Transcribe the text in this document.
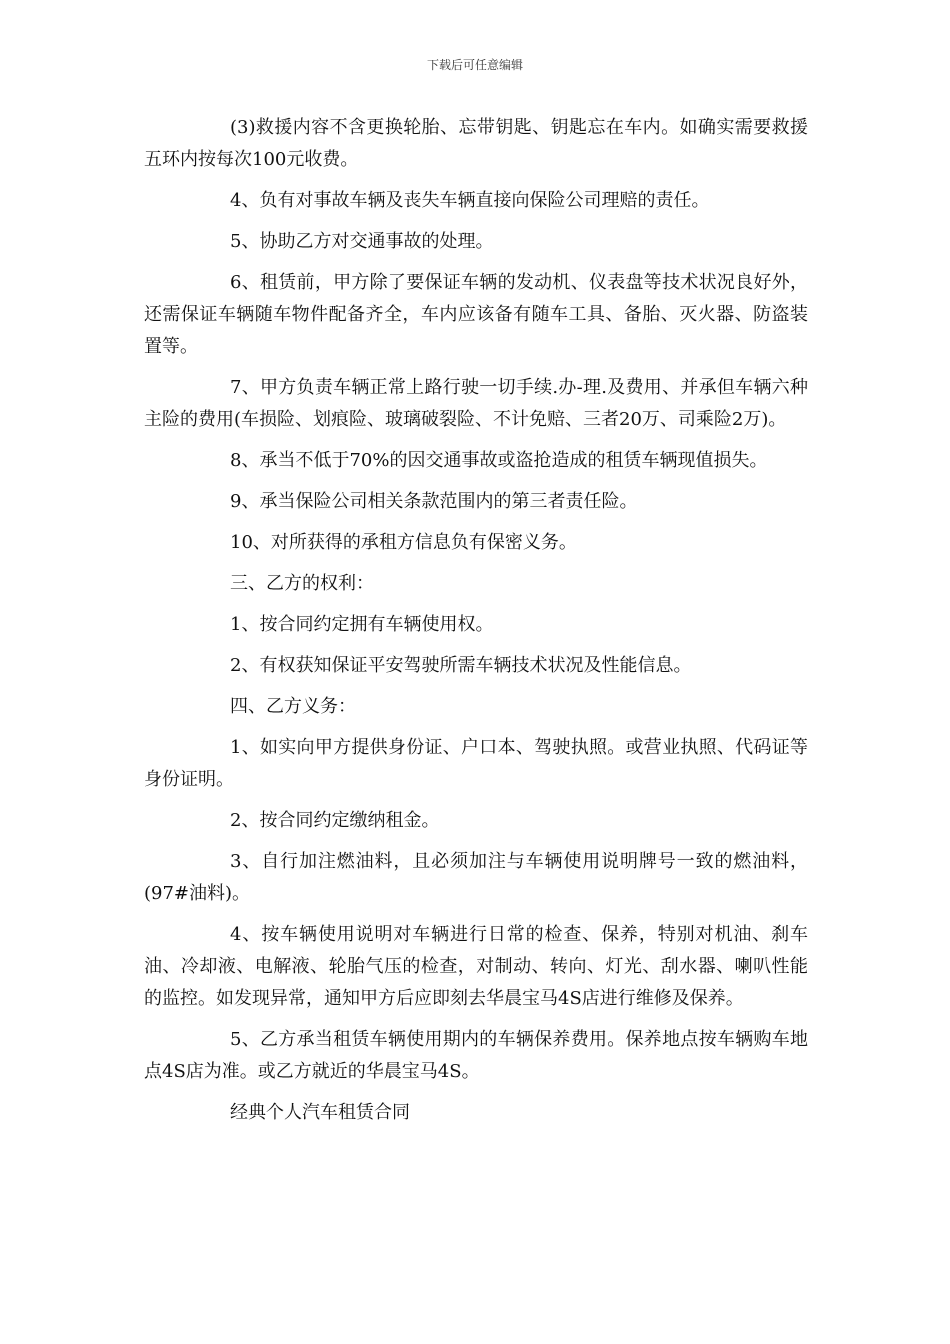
下载后可任意编辑

(3)救援内容不含更换轮胎、忘带钥匙、钥匙忘在车内。如确实需要救援五环内按每次100元收费。

4、负有对事故车辆及丧失车辆直接向保险公司理赔的责任。

5、协助乙方对交通事故的处理。

6、租赁前，甲方除了要保证车辆的发动机、仪表盘等技术状况良好外，还需保证车辆随车物件配备齐全，车内应该备有随车工具、备胎、灭火器、防盗装置等。

7、甲方负责车辆正常上路行驶一切手续.办-理.及费用、并承但车辆六种主险的费用(车损险、划痕险、玻璃破裂险、不计免赔、三者20万、司乘险2万)。

8、承当不低于70%的因交通事故或盗抢造成的租赁车辆现值损失。

9、承当保险公司相关条款范围内的第三者责任险。

10、对所获得的承租方信息负有保密义务。

三、乙方的权利：

1、按合同约定拥有车辆使用权。

2、有权获知保证平安驾驶所需车辆技术状况及性能信息。

四、乙方义务：

1、如实向甲方提供身份证、户口本、驾驶执照。或营业执照、代码证等身份证明。

2、按合同约定缴纳租金。

3、自行加注燃油料，且必须加注与车辆使用说明牌号一致的燃油料，(97#油料)。

4、按车辆使用说明对车辆进行日常的检查、保养，特别对机油、刹车油、冷却液、电解液、轮胎气压的检查，对制动、转向、灯光、刮水器、喇叭性能的监控。如发现异常，通知甲方后应即刻去华晨宝马4S店进行维修及保养。

5、乙方承当租赁车辆使用期内的车辆保养费用。保养地点按车辆购车地点4S店为准。或乙方就近的华晨宝马4S。

经典个人汽车租赁合同
